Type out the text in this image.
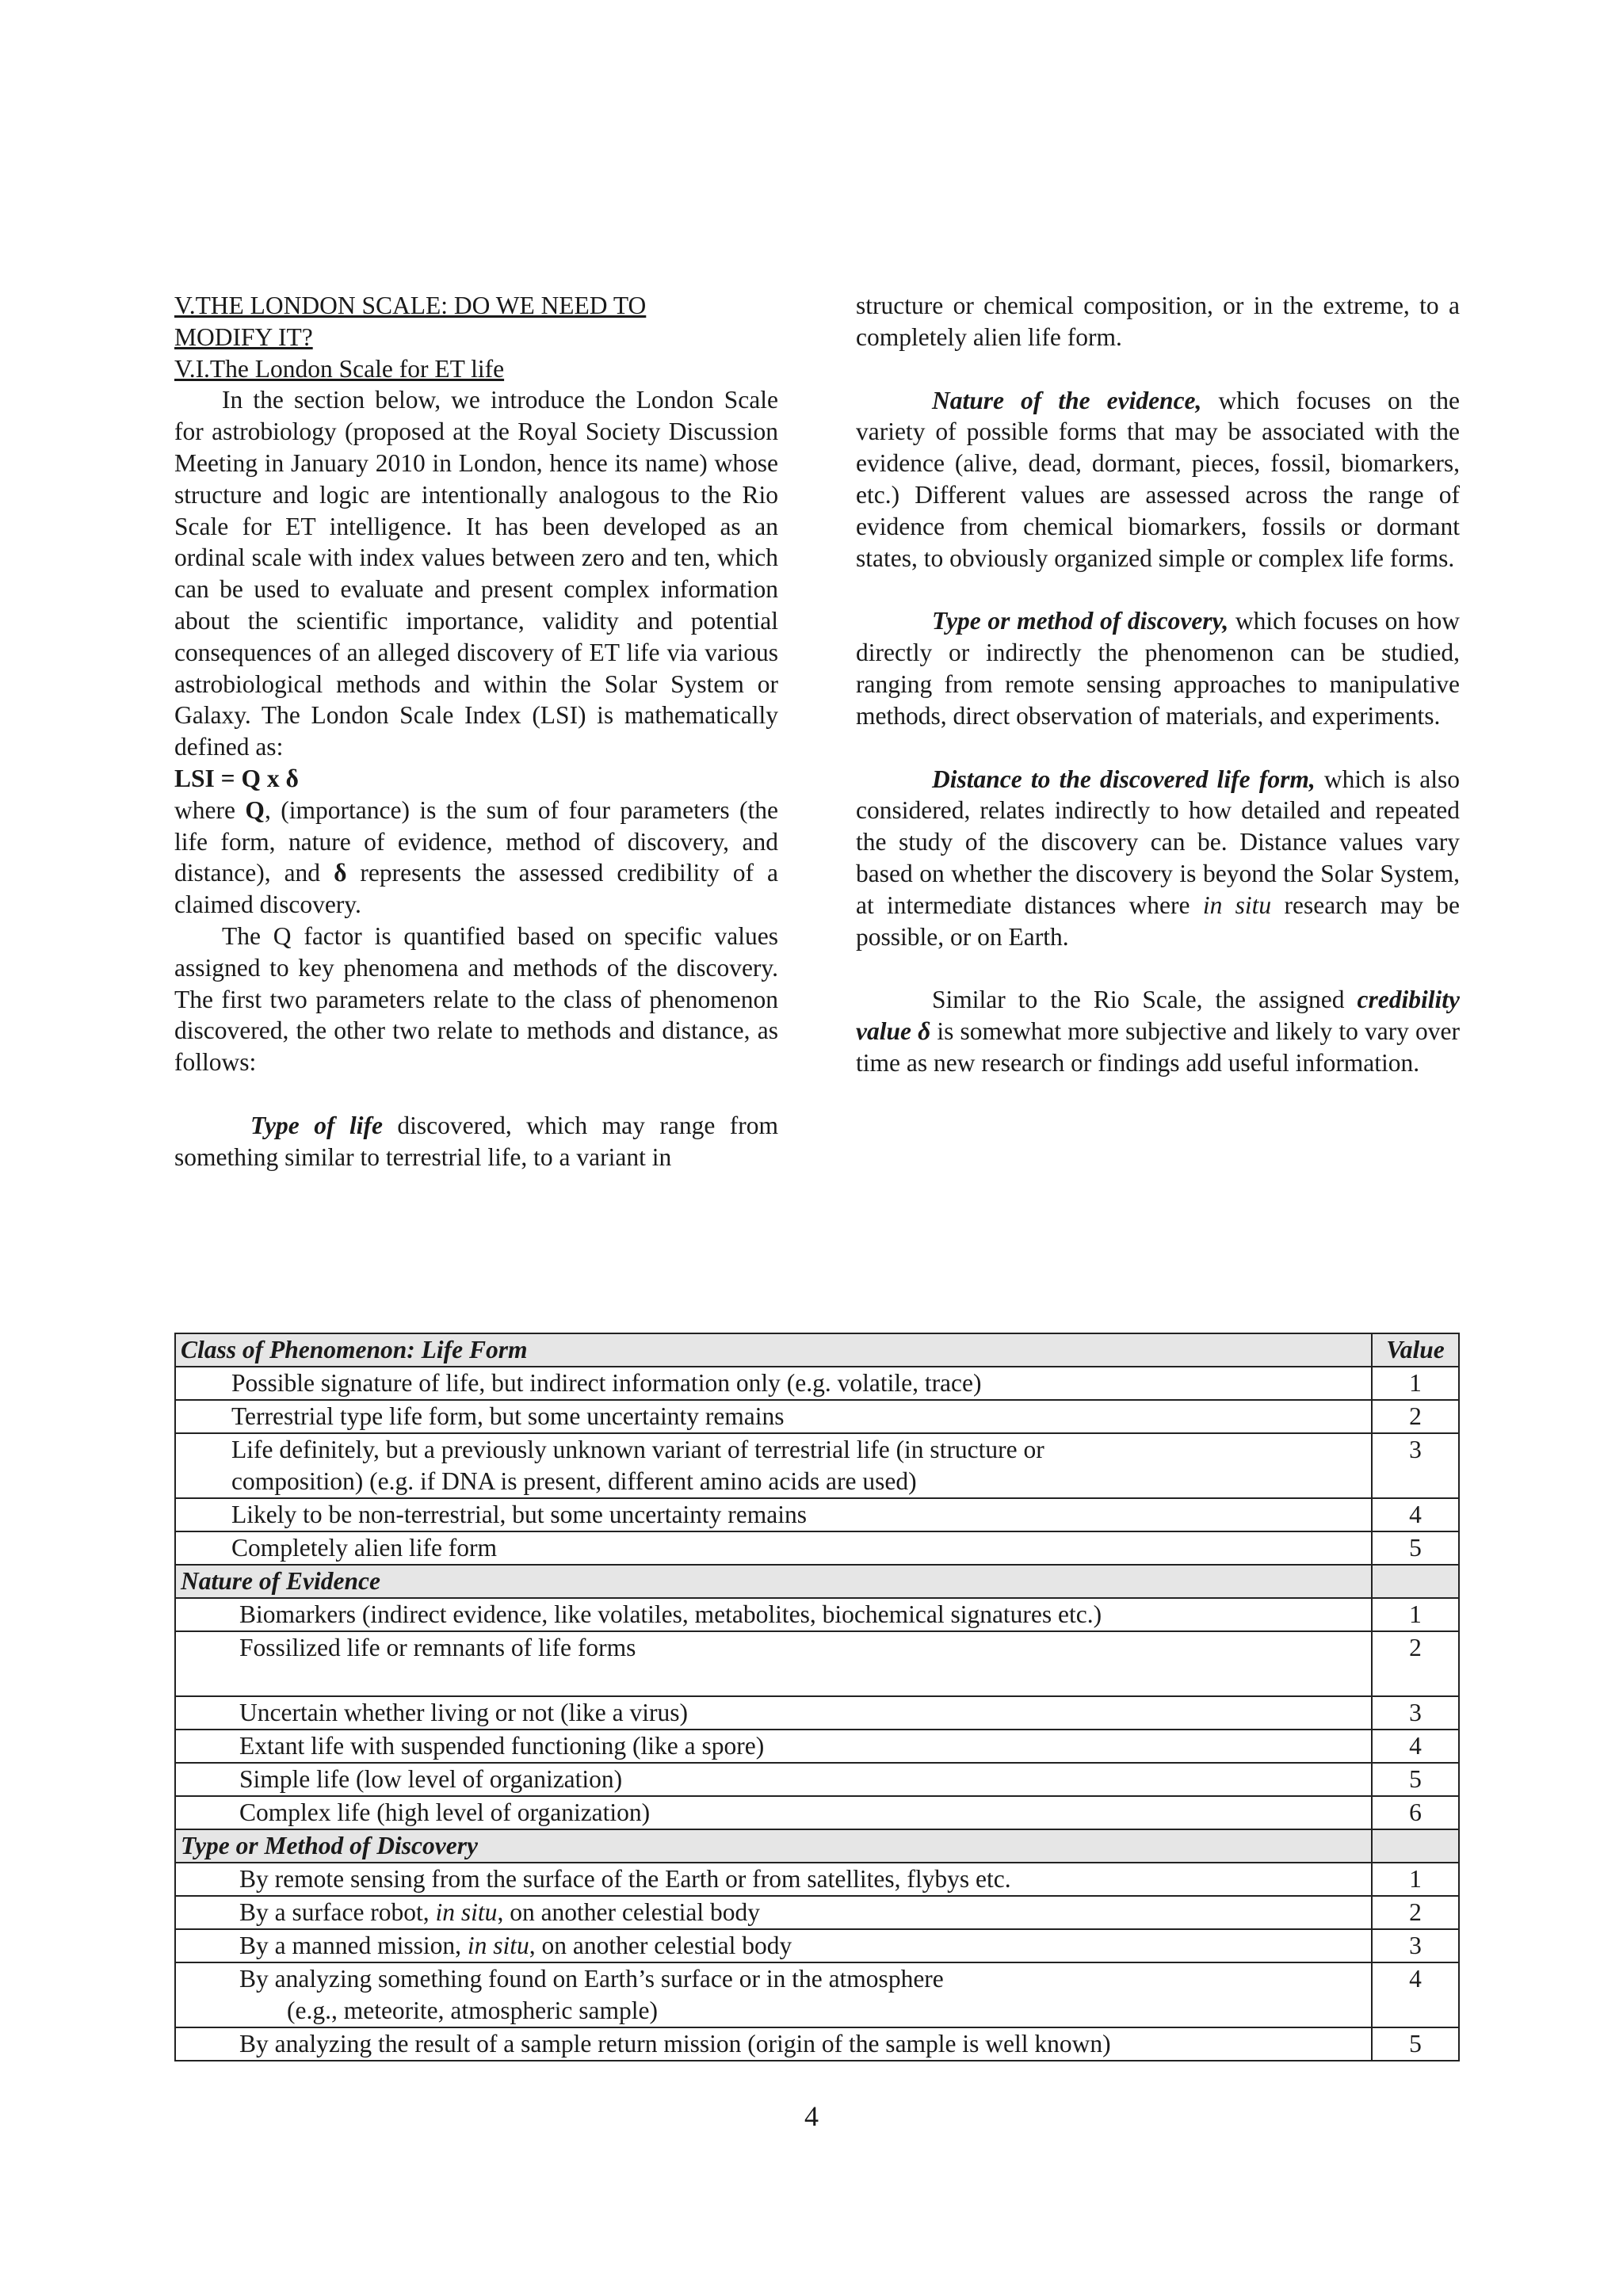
V.THE LONDON SCALE: DO WE NEED TO
MODIFY IT?

V.I.The London Scale for ET life

In the section below, we introduce the London Scale for astrobiology (proposed at the Royal Society Discussion Meeting in January 2010 in London, hence its name) whose structure and logic are intentionally analogous to the Rio Scale for ET intelligence. It has been developed as an ordinal scale with index values between zero and ten, which can be used to evaluate and present complex information about the scientific importance, validity and potential consequences of an alleged discovery of ET life via various astrobiological methods and within the Solar System or Galaxy. The London Scale Index (LSI) is mathematically defined as:

LSI = Q x δ

where Q, (importance) is the sum of four parameters (the life form, nature of evidence, method of discovery, and distance), and δ represents the assessed credibility of a claimed discovery.

The Q factor is quantified based on specific values assigned to key phenomena and methods of the discovery. The first two parameters relate to the class of phenomenon discovered, the other two relate to methods and distance, as follows:

Type of life discovered, which may range from something similar to terrestrial life, to a variant in

structure or chemical composition, or in the extreme, to a completely alien life form.

Nature of the evidence, which focuses on the variety of possible forms that may be associated with the evidence (alive, dead, dormant, pieces, fossil, biomarkers, etc.) Different values are assessed across the range of evidence from chemical biomarkers, fossils or dormant states, to obviously organized simple or complex life forms.

Type or method of discovery, which focuses on how directly or indirectly the phenomenon can be studied, ranging from remote sensing approaches to manipulative methods, direct observation of materials, and experiments.

Distance to the discovered life form, which is also considered, relates indirectly to how detailed and repeated the study of the discovery can be. Distance values vary based on whether the discovery is beyond the Solar System, at intermediate distances where in situ research may be possible, or on Earth.

Similar to the Rio Scale, the assigned credibility value δ is somewhat more subjective and likely to vary over time as new research or findings add useful information.

Class of Phenomenon: Life Form	Value
Possible signature of life, but indirect information only (e.g. volatile, trace)	1
Terrestrial type life form, but some uncertainty remains	2
Life definitely, but a previously unknown variant of terrestrial life (in structure or composition) (e.g. if DNA is present, different amino acids are used)	3
Likely to be non-terrestrial, but some uncertainty remains	4
Completely alien life form	5
Nature of Evidence	
Biomarkers (indirect evidence, like volatiles, metabolites, biochemical signatures etc.)	1
Fossilized life or remnants of life forms	2
Uncertain whether living or not (like a virus)	3
Extant life with suspended functioning (like a spore)	4
Simple life (low level of organization)	5
Complex life (high level of organization)	6
Type or Method of Discovery	
By remote sensing from the surface of the Earth or from satellites, flybys etc.	1
By a surface robot, in situ, on another celestial body	2
By a manned mission, in situ, on another celestial body	3
By analyzing something found on Earth’s surface or in the atmosphere
(e.g., meteorite, atmospheric sample)	4
By analyzing the result of a sample return mission (origin of the sample is well known)	5
4
